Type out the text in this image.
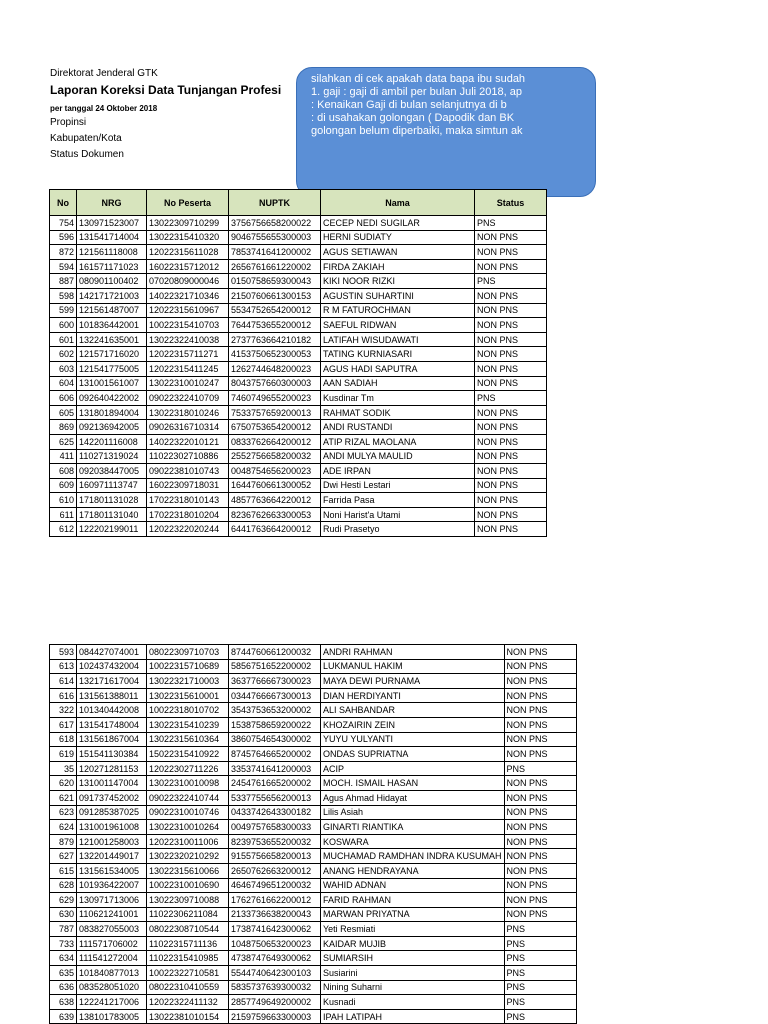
Direktorat Jenderal GTK
Laporan Koreksi Data Tunjangan Profesi
per tanggal 24 Oktober 2018
Propinsi
Kabupaten/Kota
Status Dokumen
silahkan di cek apakah data bapa ibu sudah
1. gaji : gaji di ambil per bulan Juli 2018, ap
: Kenaikan Gaji di bulan selanjutnya di b
: di usahakan golongan ( Dapodik dan BK
golongan belum diperbaiki, maka simtun ak
No	NRG	No Peserta	NUPTK	Nama	Status
754	130971523007	13022309710299	3756756658200022	CECEP NEDI SUGILAR	PNS
596	131541714004	13022315410320	9046755655300003	HERNI SUDIATY	NON PNS
872	121561118008	12022315611028	7853741641200002	AGUS SETIAWAN	NON PNS
594	161571171023	16022315712012	2656761661220002	FIRDA ZAKIAH	NON PNS
887	080901100402	07020809000046	0150758659300043	KIKI NOOR RIZKI	PNS
598	142171721003	14022321710346	2150760661300153	AGUSTIN SUHARTINI	NON PNS
599	121561487007	12022315610967	5534752654200012	R M FATUROCHMAN	NON PNS
600	101836442001	10022315410703	7644753655200012	SAEFUL RIDWAN	NON PNS
601	132241635001	13022322410038	2737763664210182	LATIFAH WISUDAWATI	NON PNS
602	121571716020	12022315711271	4153750652300053	TATING KURNIASARI	NON PNS
603	121541775005	12022315411245	1262744648200023	AGUS HADI SAPUTRA	NON PNS
604	131001561007	13022310010247	8043757660300003	AAN SADIAH	NON PNS
606	092640422002	09022322410709	7460749655200023	Kusdinar Tm	PNS
605	131801894004	13022318010246	7533757659200013	RAHMAT SODIK	NON PNS
869	092136942005	09026316710314	6750753654200012	ANDI RUSTANDI	NON PNS
625	142201116008	14022322010121	0833762664200012	ATIP RIZAL MAOLANA	NON PNS
411	110271319024	11022302710886	2552756658200032	ANDI MULYA MAULID	NON PNS
608	092038447005	09022381010743	0048754656200023	ADE IRPAN	NON PNS
609	160971113747	16022309718031	1644760661300052	Dwi Hesti Lestari	NON PNS
610	171801131028	17022318010143	4857763664220012	Farrida Pasa	NON PNS
611	171801131040	17022318010204	8236762663300053	Noni Harist'a Utami	NON PNS
612	122202199011	12022322020244	6441763664200012	Rudi Prasetyo	NON PNS
593	084427074001	08022309710703	8744760661200032	ANDRI RAHMAN	NON PNS
613	102437432004	10022315710689	5856751652200002	LUKMANUL HAKIM	NON PNS
614	132171617004	13022321710003	3637766667300023	MAYA DEWI PURNAMA	NON PNS
616	131561388011	13022315610001	0344766667300013	DIAN HERDIYANTI	NON PNS
322	101340442008	10022318010702	3543753653200002	ALI SAHBANDAR	NON PNS
617	131541748004	13022315410239	1538758659200022	KHOZAIRIN ZEIN	NON PNS
618	131561867004	13022315610364	3860754654300002	YUYU YULYANTI	NON PNS
619	151541130384	15022315410922	8745764665200002	ONDAS SUPRIATNA	NON PNS
35	120271281153	12022302711226	3353741641200003	ACIP	PNS
620	131001147004	13022310010098	2454761665200002	MOCH. ISMAIL HASAN	NON PNS
621	091737452002	09022322410744	5337755656200013	Agus Ahmad Hidayat	NON PNS
623	091285387025	09022310010746	0433742643300182	Lilis Asiah	NON PNS
624	131001961008	13022310010264	0049757658300033	GINARTI RIANTIKA	NON PNS
879	121001258003	12022310011006	8239753655200032	KOSWARA	NON PNS
627	132201449017	13022320210292	9155756658200013	MUCHAMAD RAMDHAN INDRA KUSUMAH	NON PNS
615	131561534005	13022315610066	2650762663200012	ANANG HENDRAYANA	NON PNS
628	101936422007	10022310010690	4646749651200032	WAHID ADNAN	NON PNS
629	130971713006	13022309710088	1762761662200012	FARID RAHMAN	NON PNS
630	110621241001	11022306211084	2133736638200043	MARWAN PRIYATNA	NON PNS
787	083827055003	08022308710544	1738741642300062	Yeti Resmiati	PNS
733	111571706002	11022315711136	1048750653200023	KAIDAR MUJIB	PNS
634	111541272004	11022315410985	4738747649300062	SUMIARSIH	PNS
635	101840877013	10022322710581	5544740642300103	Susiarini	PNS
636	083528051020	08022310410559	5835737639300032	Nining Suharni	PNS
638	122241217006	12022322411132	2857749649200002	Kusnadi	PNS
639	138101783005	13022381010154	2159759663300003	IPAH LATIPAH	PNS
